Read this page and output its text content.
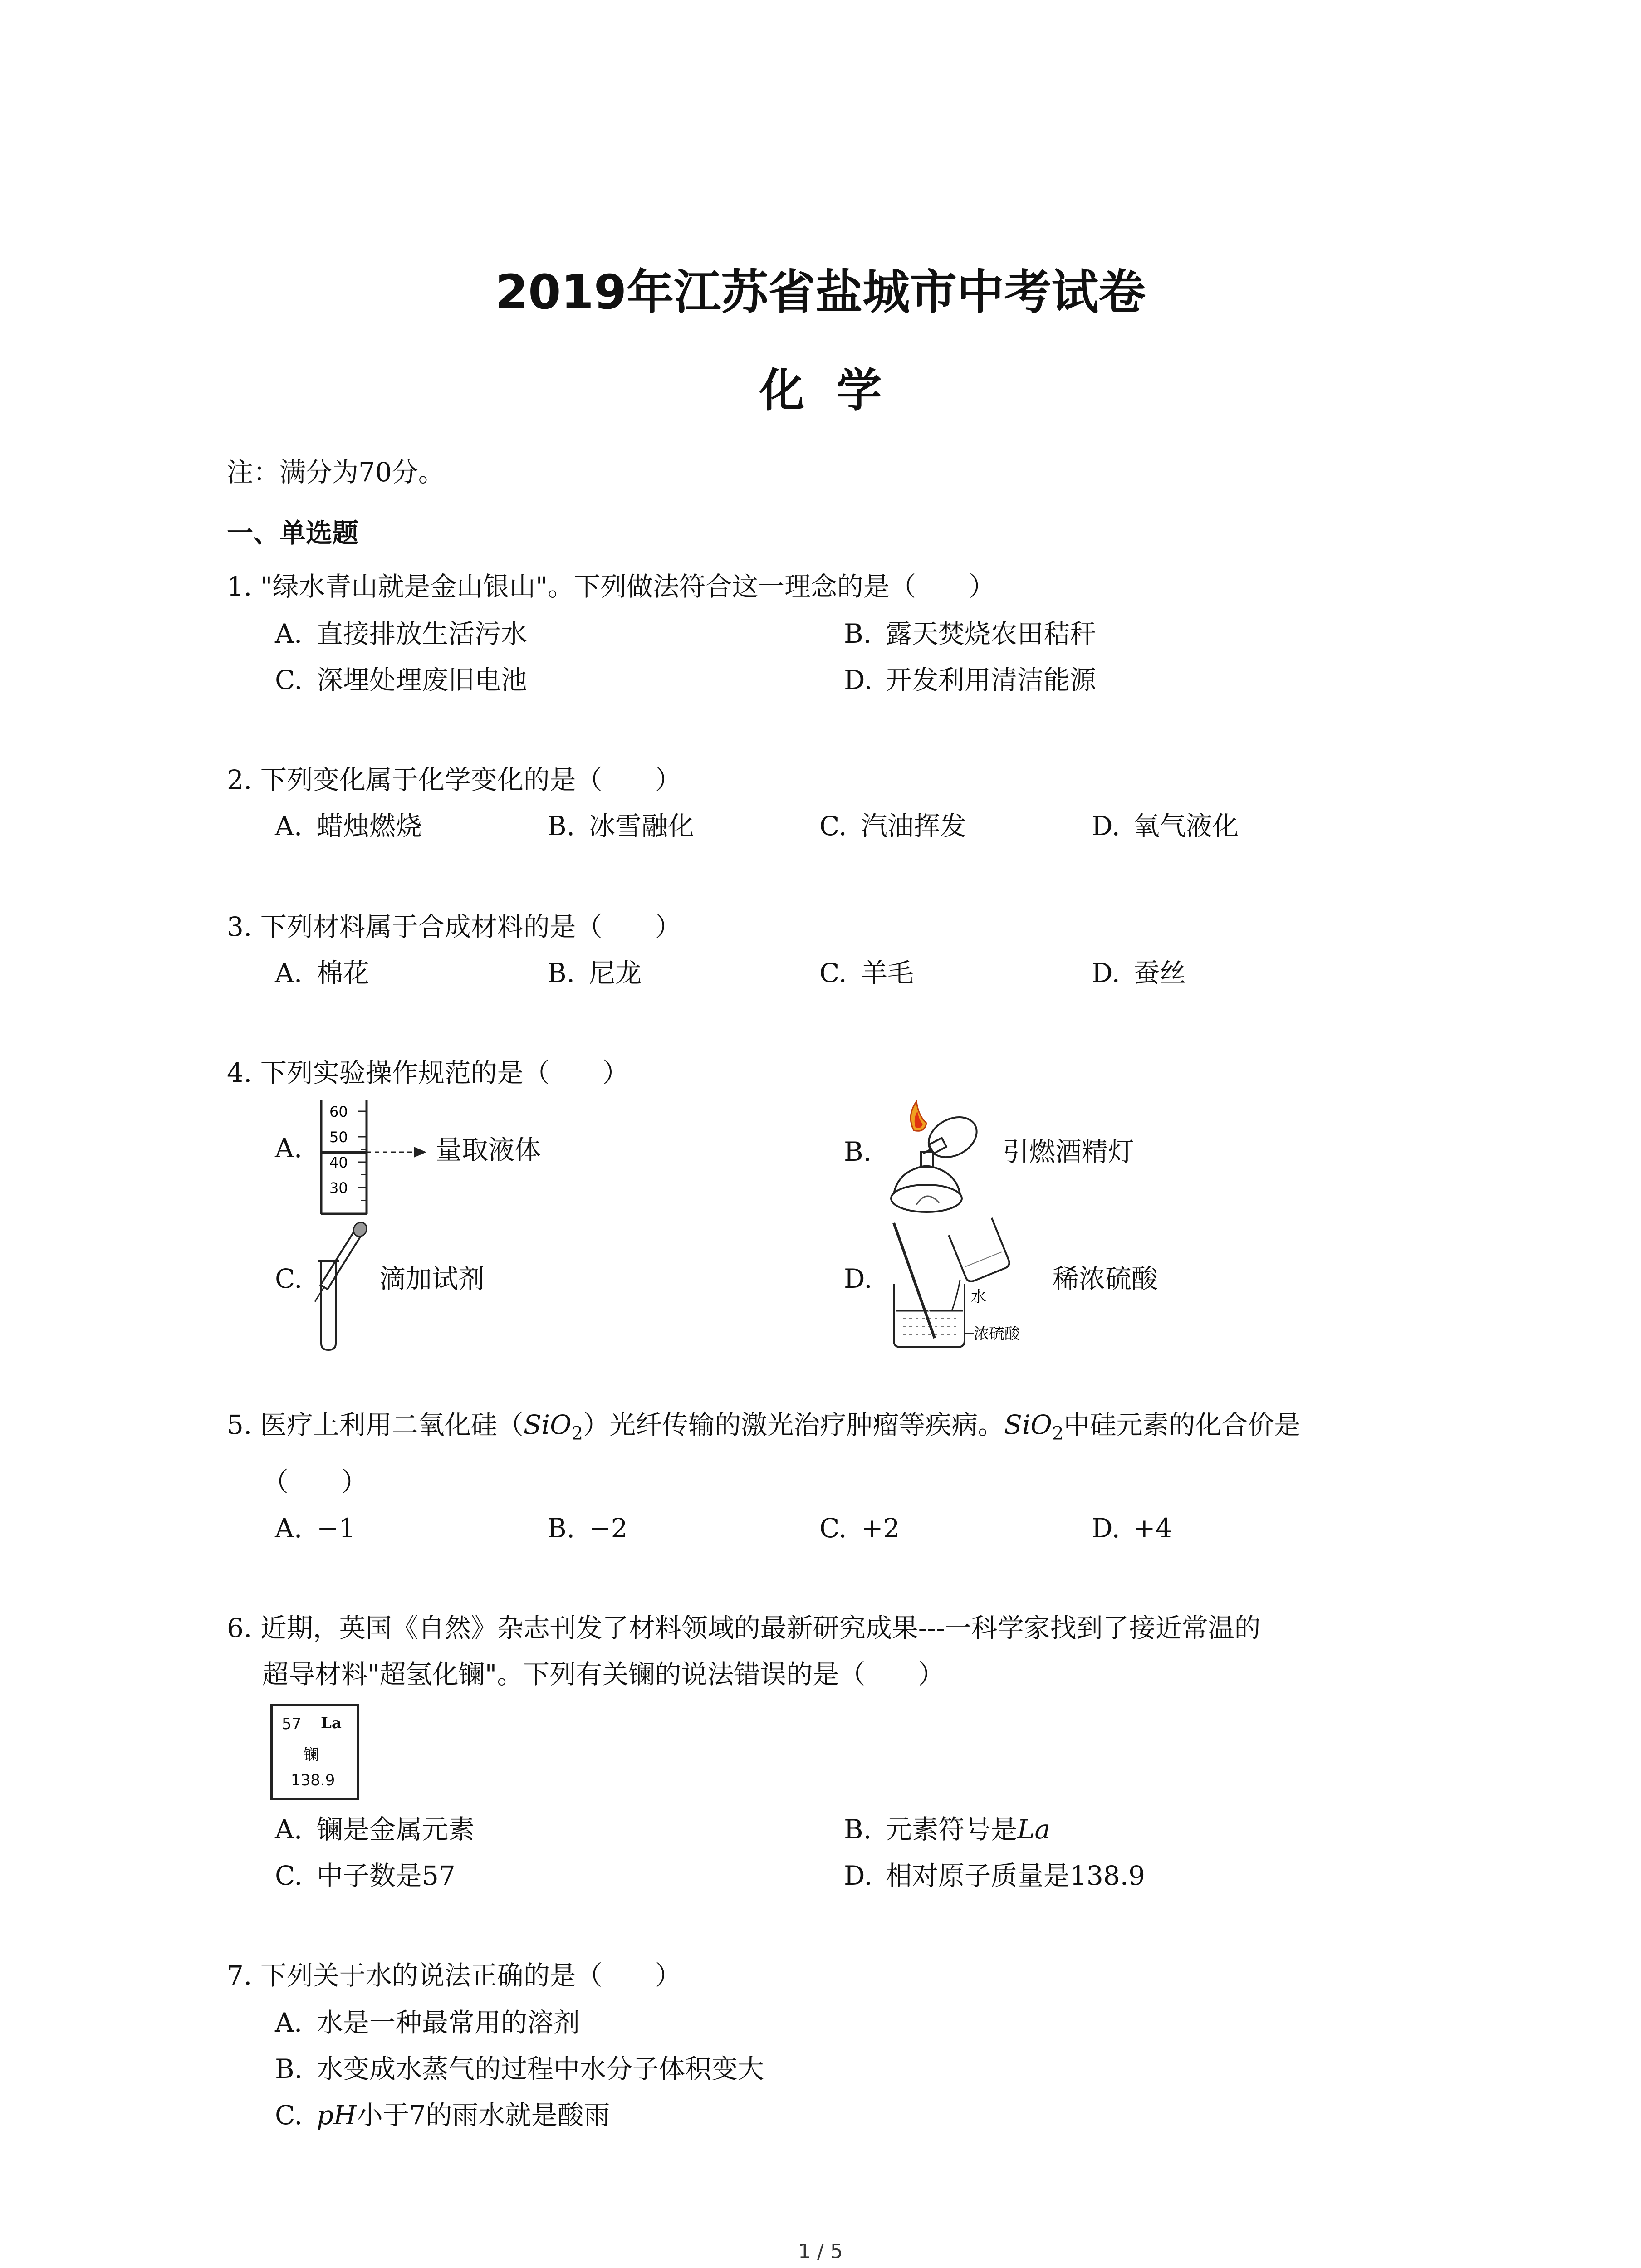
2019年江苏省盐城市中考试卷
化  学
注：满分为70分。
一、单选题
1. "绿水青山就是金山银山"。下列做法符合这一理念的是（　　）
A. 直接排放生活污水	B. 露天焚烧农田秸秆
C. 深埋处理废旧电池	D. 开发利用清洁能源
2. 下列变化属于化学变化的是（　　）
A. 蜡烛燃烧	B. 冰雪融化	C. 汽油挥发	D. 氧气液化
3. 下列材料属于合成材料的是（　　）
A. 棉花	B. 尼龙	C. 羊毛	D. 蚕丝
4. 下列实验操作规范的是（　　）
A.
60
50
40
30
量取液体	B.	引燃酒精灯
C.	滴加试剂	D.
水
浓硫酸
稀浓硫酸
5. 医疗上利用二氧化硅（SiO$_2$）光纤传输的激光治疗肿瘤等疾病。SiO$_2$中硅元素的化合价是
（　　）
A. −1	B. −2	C. +2	D. +4
6. 近期，英国《自然》杂志刊发了材料领域的最新研究成果---一科学家找到了接近常温的
超导材料"超氢化镧"。下列有关镧的说法错误的是（　　）
57 La
镧
138.9
A. 镧是金属元素	B. 元素符号是La
C. 中子数是57	D. 相对原子质量是138.9
7. 下列关于水的说法正确的是（　　）
A. 水是一种最常用的溶剂
B. 水变成水蒸气的过程中水分子体积变大
C. pH小于7的雨水就是酸雨
1 / 5
